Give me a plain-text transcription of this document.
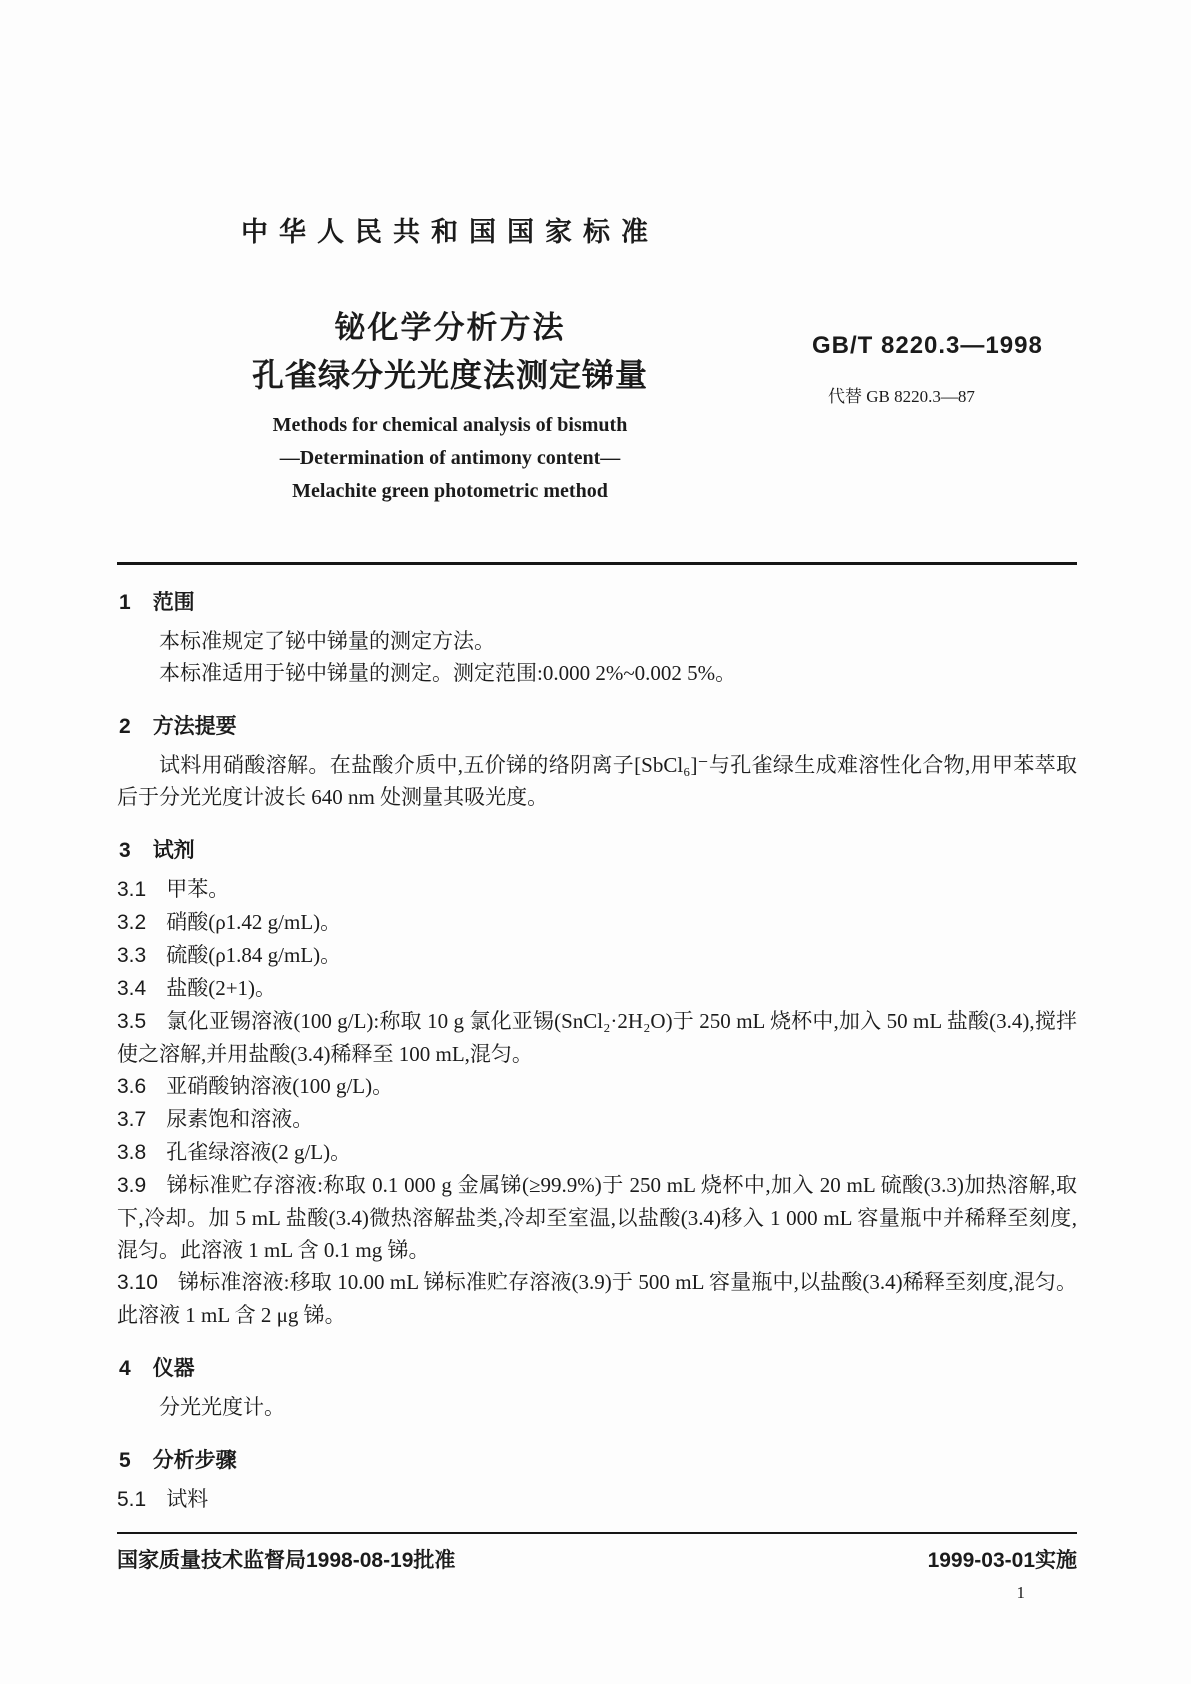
中华人民共和国国家标准
铋化学分析方法
孔雀绿分光光度法测定锑量
GB/T 8220.3—1998
代替 GB 8220.3—87
Methods for chemical analysis of bismuth
—Determination of antimony content—
Melachite green photometric method
1 范围

本标准规定了铋中锑量的测定方法。

本标准适用于铋中锑量的测定。测定范围:0.000 2%~0.002 5%。

2 方法提要

试料用硝酸溶解。在盐酸介质中,五价锑的络阴离子[SbCl₆]⁻与孔雀绿生成难溶性化合物,用甲苯萃取后于分光光度计波长 640 nm 处测量其吸光度。

3 试剂

3.1 甲苯。

3.2 硝酸(ρ1.42 g/mL)。

3.3 硫酸(ρ1.84 g/mL)。

3.4 盐酸(2+1)。

3.5 氯化亚锡溶液(100 g/L):称取 10 g 氯化亚锡(SnCl₂·2H₂O)于 250 mL 烧杯中,加入 50 mL 盐酸(3.4),搅拌使之溶解,并用盐酸(3.4)稀释至 100 mL,混匀。

3.6 亚硝酸钠溶液(100 g/L)。

3.7 尿素饱和溶液。

3.8 孔雀绿溶液(2 g/L)。

3.9 锑标准贮存溶液:称取 0.1 000 g 金属锑(≥99.9%)于 250 mL 烧杯中,加入 20 mL 硫酸(3.3)加热溶解,取下,冷却。加 5 mL 盐酸(3.4)微热溶解盐类,冷却至室温,以盐酸(3.4)移入 1 000 mL 容量瓶中并稀释至刻度,混匀。此溶液 1 mL 含 0.1 mg 锑。

3.10 锑标准溶液:移取 10.00 mL 锑标准贮存溶液(3.9)于 500 mL 容量瓶中,以盐酸(3.4)稀释至刻度,混匀。此溶液 1 mL 含 2 μg 锑。

4 仪器

分光光度计。

5 分析步骤

5.1 试料

国家质量技术监督局1998-08-19批准	1999-03-01实施
1
